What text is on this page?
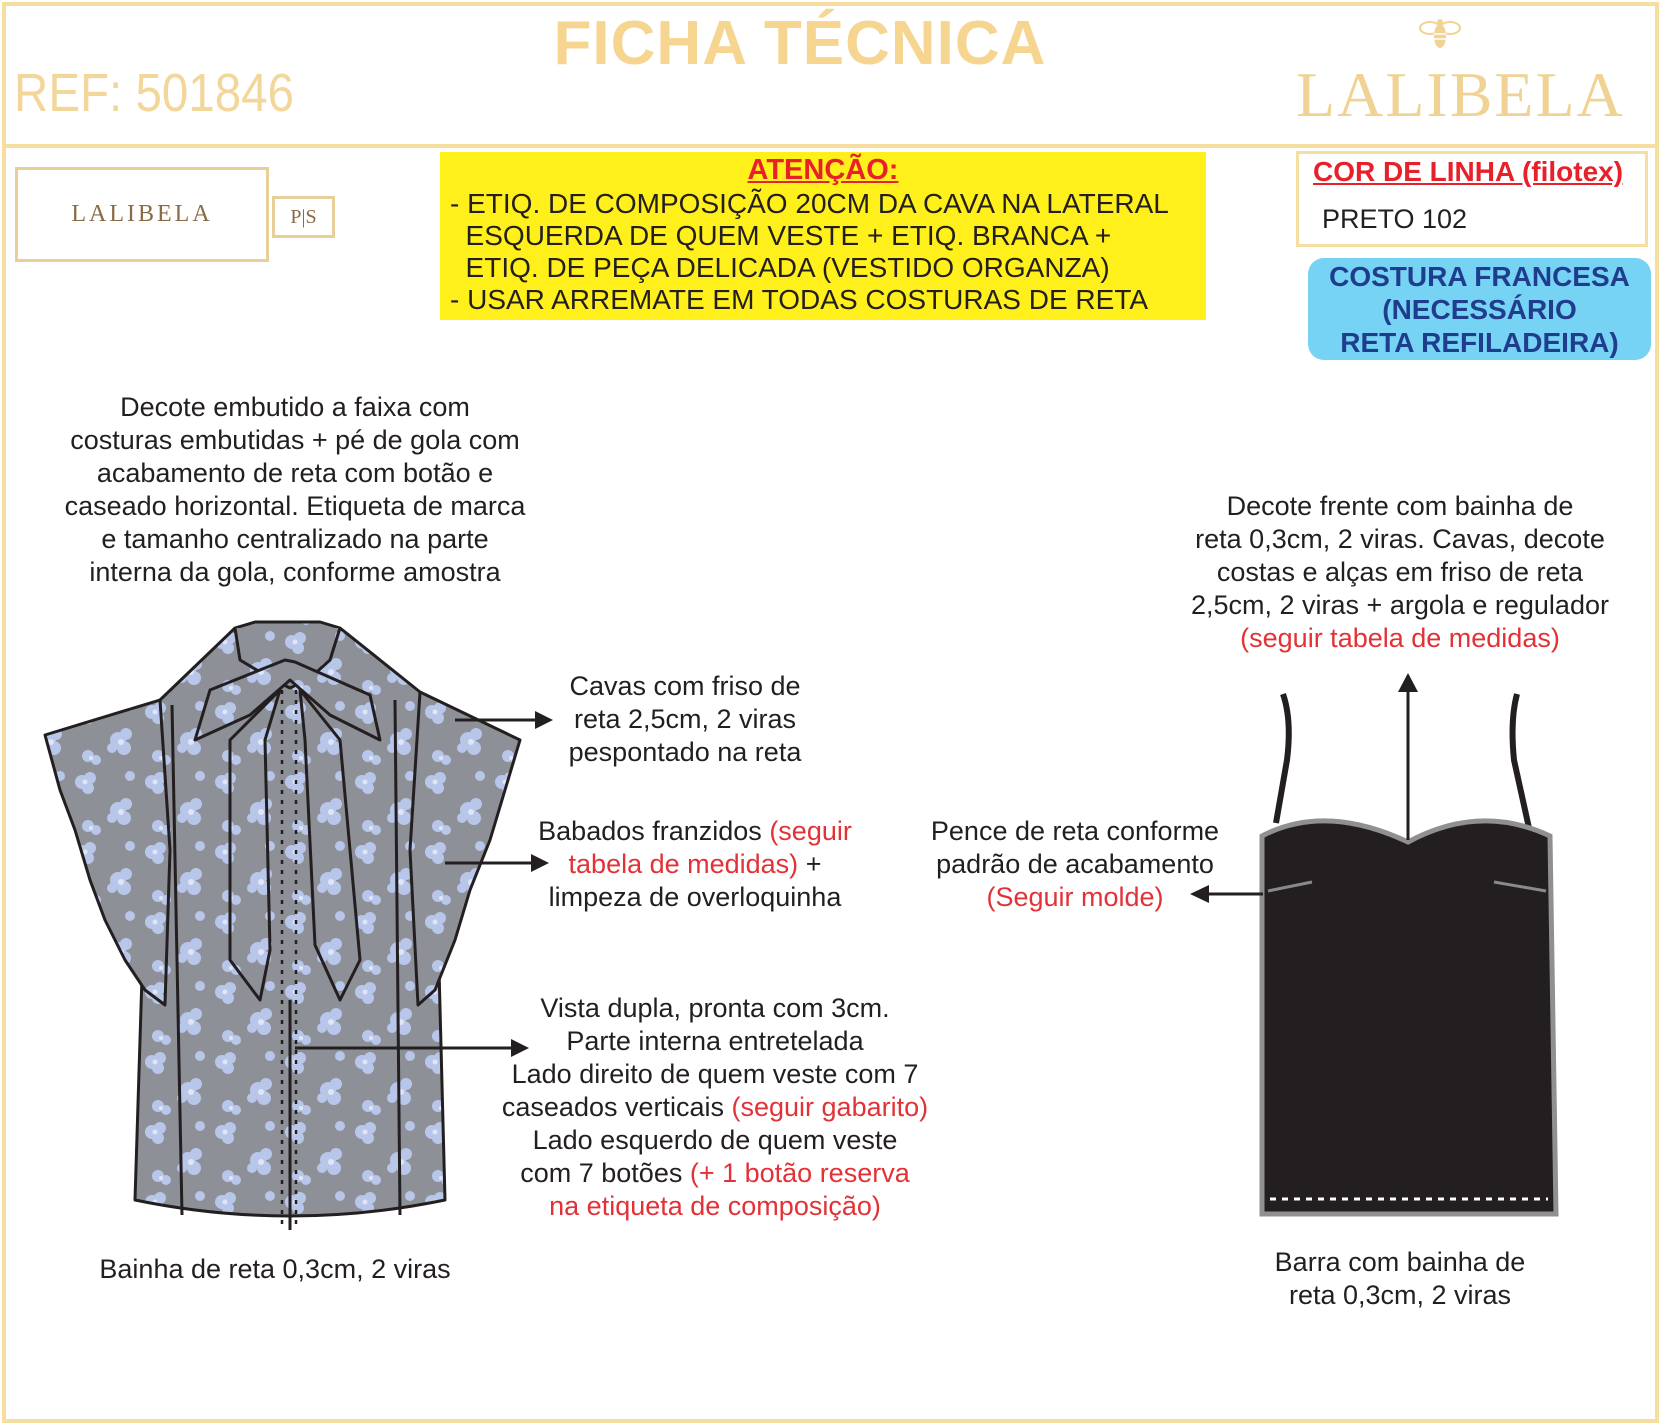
FICHA TÉCNICA
REF: 501846	LALIBELA
LALIBELA	P|S
ATENÇÃO:
- ETIQ. DE COMPOSIÇÃO 20CM DA CAVA NA LATERAL
ESQUERDA DE QUEM VESTE + ETIQ. BRANCA +
ETIQ. DE PEÇA DELICADA (VESTIDO ORGANZA)
- USAR ARREMATE EM TODAS COSTURAS DE RETA
COR DE LINHA (filotex)
PRETO 102
COSTURA FRANCESA
(NECESSÁRIO
RETA REFILADEIRA)
Decote embutido a faixa com
costuras embutidas + pé de gola com
acabamento de reta com botão e
caseado horizontal. Etiqueta de marca
e tamanho centralizado na parte
interna da gola, conforme amostra
Cavas com friso de
reta 2,5cm, 2 viras
pespontado na reta
Babados franzidos (seguir
tabela de medidas) +
limpeza de overloquinha
Vista dupla, pronta com 3cm.
Parte interna entretelada
Lado direito de quem veste com 7
caseados verticais (seguir gabarito)
Lado esquerdo de quem veste
com 7 botões (+ 1 botão reserva
na etiqueta de composição)
Bainha de reta 0,3cm, 2 viras
Decote frente com bainha de
reta 0,3cm, 2 viras. Cavas, decote
costas e alças em friso de reta
2,5cm, 2 viras + argola e regulador
(seguir tabela de medidas)
Pence de reta conforme
padrão de acabamento
(Seguir molde)
Barra com bainha de
reta 0,3cm, 2 viras
